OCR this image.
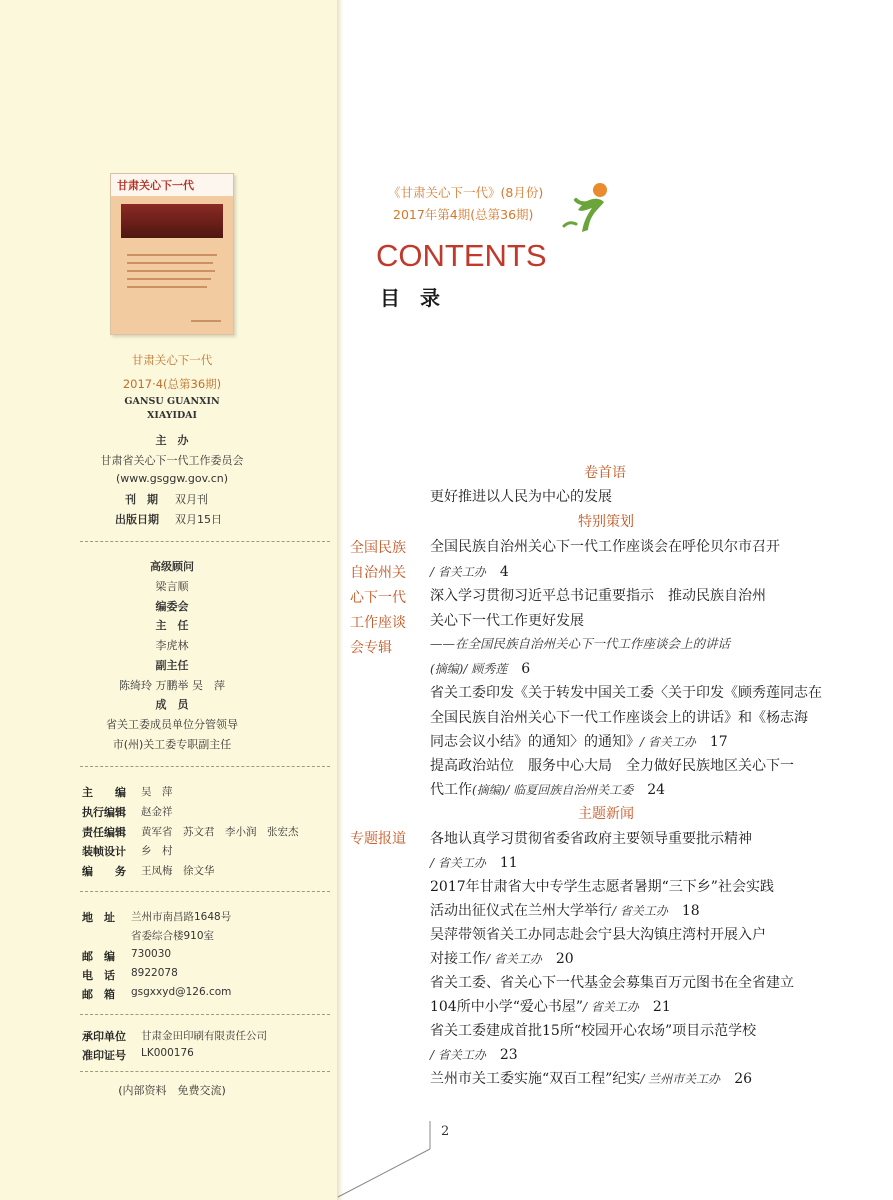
甘肃关心下一代
甘肃关心下一代
2017·4(总第36期)
GANSU GUANXIN
XIAYIDAI
主　办
甘肃省关心下一代工作委员会
(www.gsggw.gov.cn)
刊　期 双月刊
出版日期 双月15日
高级顾问
梁言顺
编委会
主　任
李虎林
副主任
陈绮玲 万鹏举 吴　萍
成　员
省关工委成员单位分管领导
市(州)关工委专职副主任
主　　编 吴　萍
执行编辑 赵金祥
责任编辑 黄军省　苏文君　李小润　张宏杰
装帧设计 乡　村
编　　务 王凤梅　徐文华
地　址 兰州市南昌路1648号
省委综合楼910室
邮　编 730030
电　话 8922078
邮　箱 gsgxxyd@126.com
承印单位 甘肃金田印刷有限责任公司
准印证号 LK000176
(内部资料　免费交流)
《甘肃关心下一代》(8月份)
2017年第4期(总第36期)
CONTENTS
目　录
卷首语
更好推进以人民为中心的发展
特别策划
全国民族
自治州关
心下一代
工作座谈
会专辑
全国民族自治州关心下一代工作座谈会在呼伦贝尔市召开
/ 省关工办　 4
深入学习贯彻习近平总书记重要指示　推动民族自治州
关心下一代工作更好发展
——在全国民族自治州关心下一代工作座谈会上的讲话
(摘编)/ 顾秀莲　 6
省关工委印发《关于转发中国关工委〈关于印发《顾秀莲同志在
全国民族自治州关心下一代工作座谈会上的讲话》和《杨志海
同志会议小结》的通知〉的通知》/ 省关工办　 17
提高政治站位　服务中心大局　全力做好民族地区关心下一
代工作(摘编)/ 临夏回族自治州关工委　 24
主题新闻
专题报道 各地认真学习贯彻省委省政府主要领导重要批示精神
/ 省关工办　 11
2017年甘肃省大中专学生志愿者暑期“三下乡”社会实践
活动出征仪式在兰州大学举行/ 省关工办　 18
吴萍带领省关工办同志赴会宁县大沟镇庄湾村开展入户
对接工作/ 省关工办　 20
省关工委、省关心下一代基金会募集百万元图书在全省建立
104所中小学“爱心书屋”/ 省关工办　 21
省关工委建成首批15所“校园开心农场”项目示范学校
/ 省关工办　 23
兰州市关工委实施“双百工程”纪实/ 兰州市关工办　 26
2
